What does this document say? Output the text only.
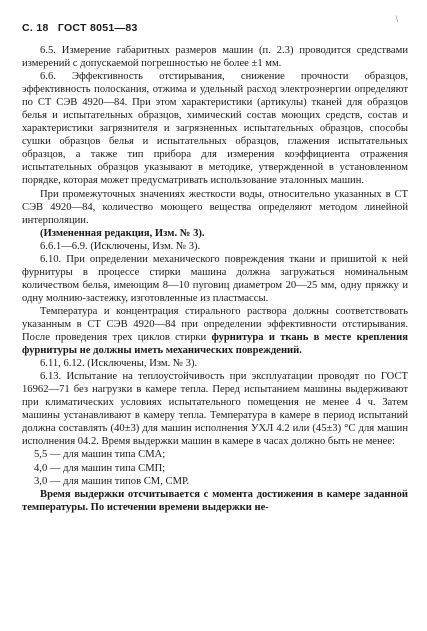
\
С. 18 ГОСТ 8051—83

6.5. Измерение габаритных размеров машин (п. 2.3) проводится средствами измерений с допускаемой погрешностью не более ±1 мм.

6.6. Эффективность отстирывания, снижение прочности образцов, эффективность полоскания, отжима и удельный расход электроэнергии определяют по СТ СЭВ 4920—84. При этом характеристики (артикулы) тканей для образцов белья и испытательных образцов, химический состав моющих средств, состав и характеристики загрязнителя и загрязненных испытательных образцов, способы сушки образцов белья и испытательных образцов, глажения испытательных образцов, а также тип прибора для измерения коэффициента отражения испытательных образцов указывают в методике, утвержденной в установленном порядке, которая может предусматривать использование эталонных машин.

При промежуточных значениях жесткости воды, относительно указанных в СТ СЭВ 4920—84, количество моющего вещества определяют методом линейной интерполяции.

(Измененная редакция, Изм. № 3).

6.6.1—6.9. (Исключены, Изм. № 3).

6.10. При определении механического повреждения ткани и пришитой к ней фурнитуры в процессе стирки машина должна загружаться номинальным количеством белья, имеющим 8—10 пуговиц диаметром 20—25 мм, одну пряжку и одну молнию-застежку, изготовленные из пластмассы.

Температура и концентрация стирального раствора должны соответствовать указанным в СТ СЭВ 4920—84 при определении эффективности отстирывания. После проведения трех циклов стирки фурнитура и ткань в месте крепления фурнитуры не должны иметь механических повреждений.

6.11, 6.12. (Исключены, Изм. № 3).

6.13. Испытание на теплоустойчивость при эксплуатации проводят по ГОСТ 16962—71 без нагрузки в камере тепла. Перед испытанием машины выдерживают при климатических условиях испытательного помещения не менее 4 ч. Затем машины устанавливают в камеру тепла. Температура в камере в период испытаний должна составлять (40±3) для машин исполнения УХЛ 4.2 или (45±3) °С для машин исполнения 04.2. Время выдержки машин в камере в часах должно быть не менее:

5,5 — для машин типа СМА;

4,0 — для машин типа СМП;

3,0 — для машин типов СМ, СМР.

Время выдержки отсчитывается с момента достижения в камере заданной температуры. По истечении времени выдержки не-
